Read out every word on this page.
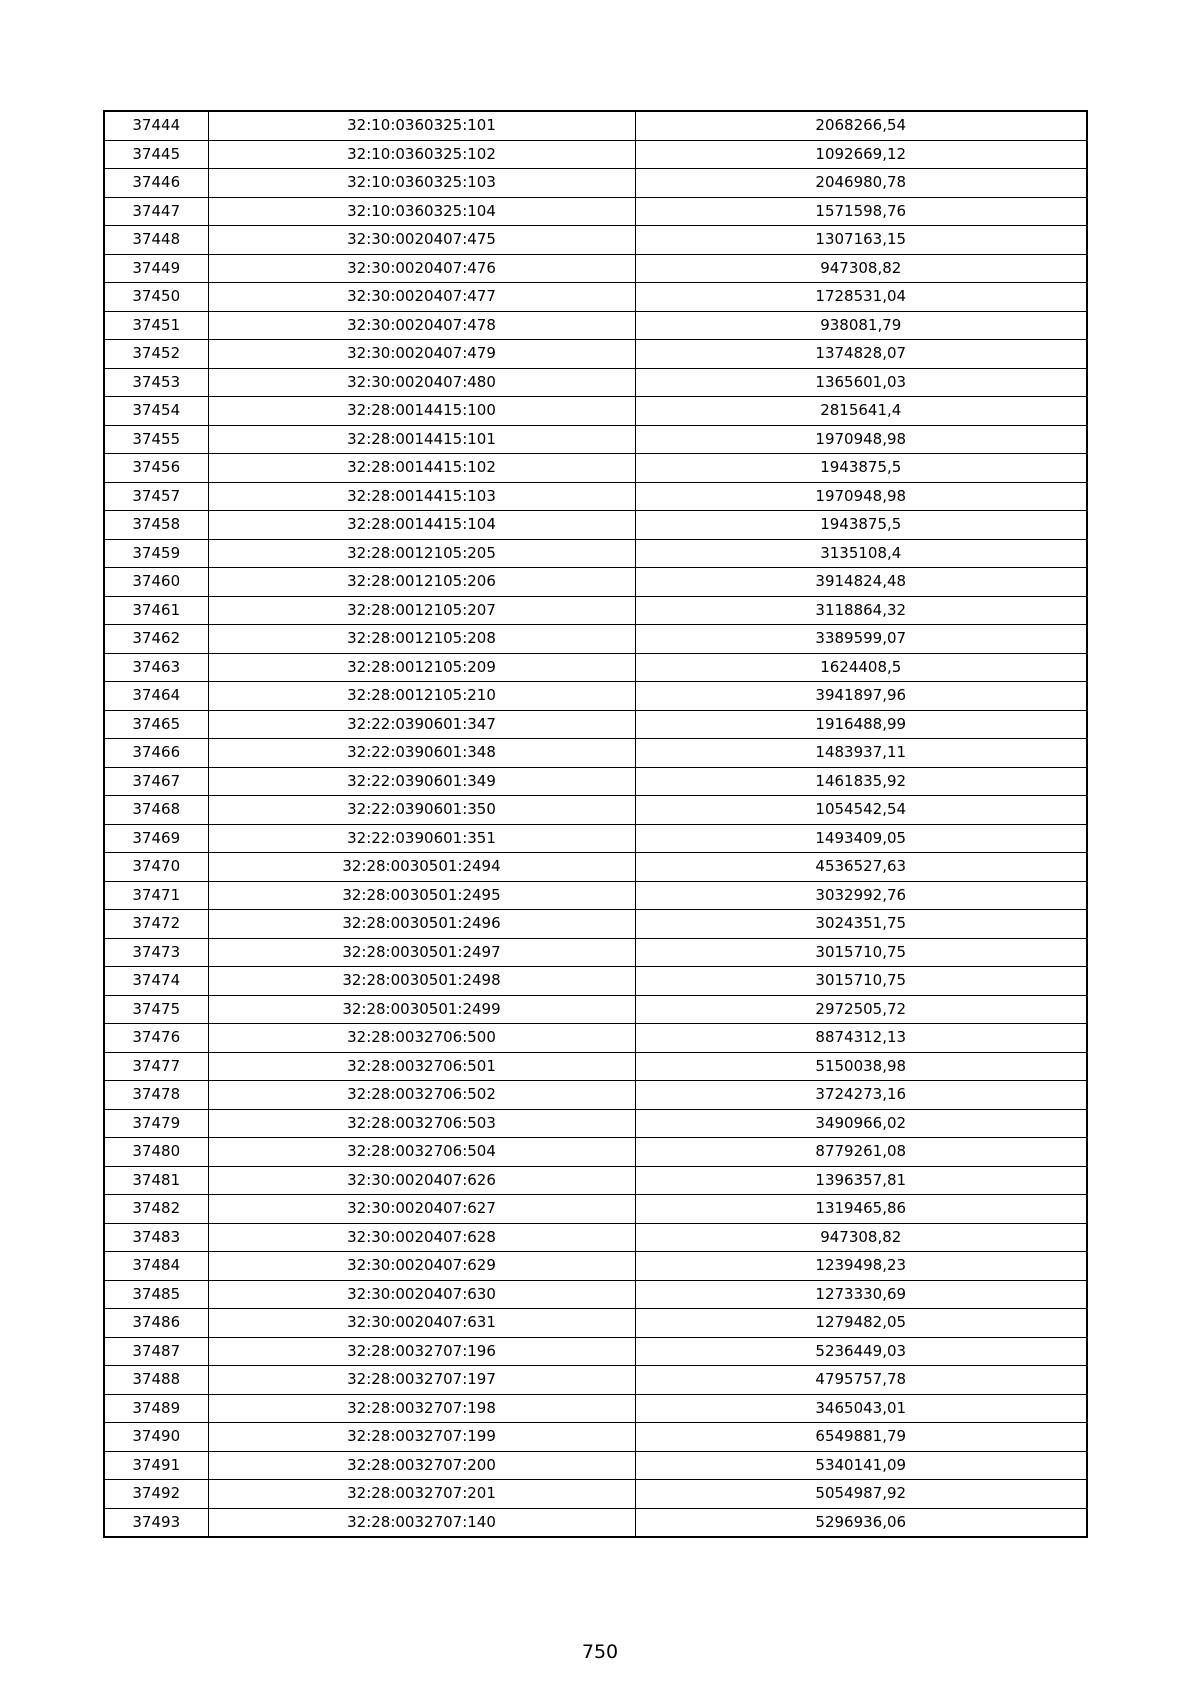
37444	32:10:0360325:101	2068266,54
37445	32:10:0360325:102	1092669,12
37446	32:10:0360325:103	2046980,78
37447	32:10:0360325:104	1571598,76
37448	32:30:0020407:475	1307163,15
37449	32:30:0020407:476	947308,82
37450	32:30:0020407:477	1728531,04
37451	32:30:0020407:478	938081,79
37452	32:30:0020407:479	1374828,07
37453	32:30:0020407:480	1365601,03
37454	32:28:0014415:100	2815641,4
37455	32:28:0014415:101	1970948,98
37456	32:28:0014415:102	1943875,5
37457	32:28:0014415:103	1970948,98
37458	32:28:0014415:104	1943875,5
37459	32:28:0012105:205	3135108,4
37460	32:28:0012105:206	3914824,48
37461	32:28:0012105:207	3118864,32
37462	32:28:0012105:208	3389599,07
37463	32:28:0012105:209	1624408,5
37464	32:28:0012105:210	3941897,96
37465	32:22:0390601:347	1916488,99
37466	32:22:0390601:348	1483937,11
37467	32:22:0390601:349	1461835,92
37468	32:22:0390601:350	1054542,54
37469	32:22:0390601:351	1493409,05
37470	32:28:0030501:2494	4536527,63
37471	32:28:0030501:2495	3032992,76
37472	32:28:0030501:2496	3024351,75
37473	32:28:0030501:2497	3015710,75
37474	32:28:0030501:2498	3015710,75
37475	32:28:0030501:2499	2972505,72
37476	32:28:0032706:500	8874312,13
37477	32:28:0032706:501	5150038,98
37478	32:28:0032706:502	3724273,16
37479	32:28:0032706:503	3490966,02
37480	32:28:0032706:504	8779261,08
37481	32:30:0020407:626	1396357,81
37482	32:30:0020407:627	1319465,86
37483	32:30:0020407:628	947308,82
37484	32:30:0020407:629	1239498,23
37485	32:30:0020407:630	1273330,69
37486	32:30:0020407:631	1279482,05
37487	32:28:0032707:196	5236449,03
37488	32:28:0032707:197	4795757,78
37489	32:28:0032707:198	3465043,01
37490	32:28:0032707:199	6549881,79
37491	32:28:0032707:200	5340141,09
37492	32:28:0032707:201	5054987,92
37493	32:28:0032707:140	5296936,06
750
